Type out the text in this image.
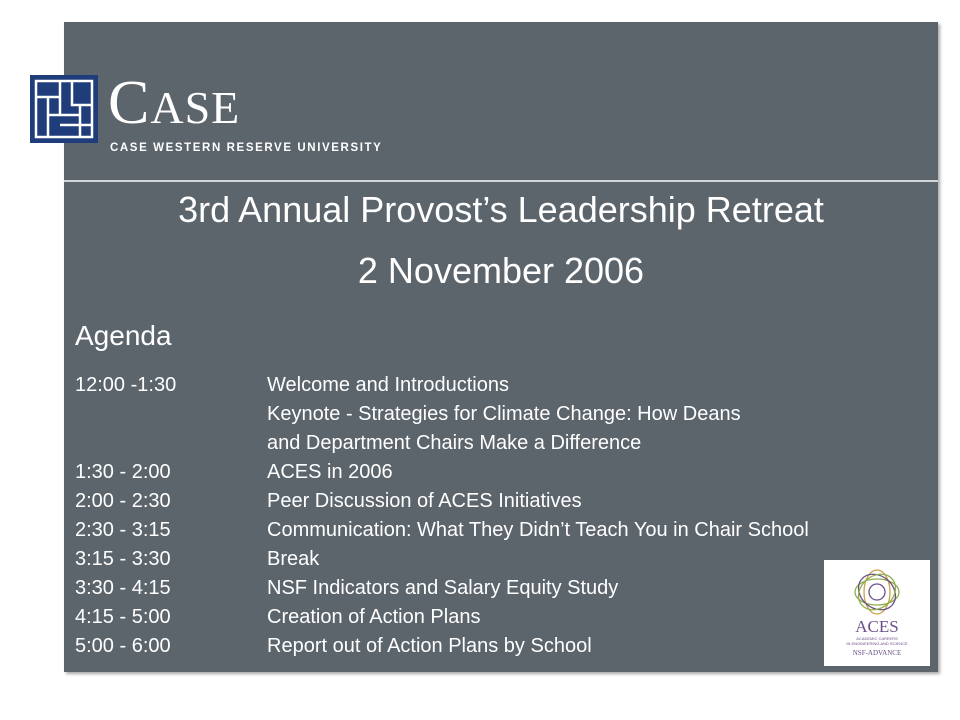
CASE
CASE WESTERN RESERVE UNIVERSITY
3rd Annual Provost’s Leadership Retreat
2 November 2006
Agenda
12:00 -1:30	Welcome and Introductions
Keynote - Strategies for Climate Change: How Deans
and Department Chairs Make a Difference
1:30 - 2:00	ACES in 2006
2:00 - 2:30	Peer Discussion of ACES Initiatives
2:30 - 3:15	Communication: What They Didn’t Teach You in Chair School
3:15 - 3:30	Break
3:30 - 4:15	NSF Indicators and Salary Equity Study
4:15 - 5:00	Creation of Action Plans
5:00 - 6:00	Report out of Action Plans by School
ACES
ACADEMIC CAREERS
IN ENGINEERING AND SCIENCE
NSF-ADVANCE
